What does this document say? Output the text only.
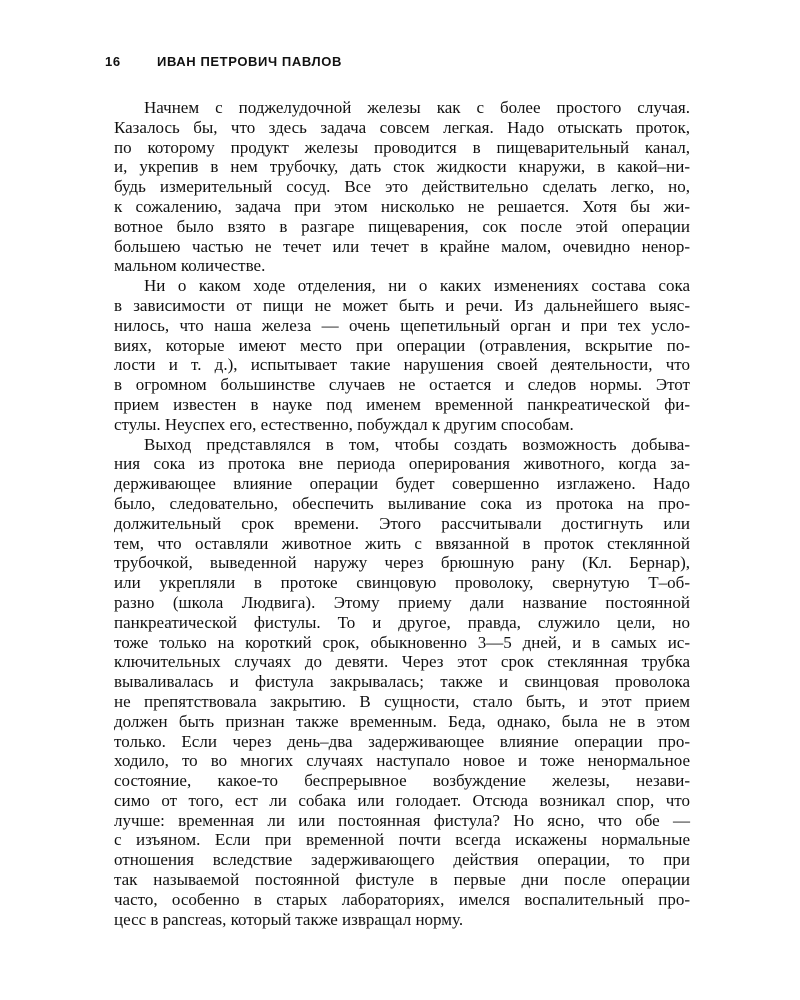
16	ИВАН ПЕТРОВИЧ ПАВЛОВ
Начнем с поджелудочной железы как с более простого случая.
Казалось бы, что здесь задача совсем легкая. Надо отыскать проток,
по которому продукт железы проводится в пищеварительный канал,
и, укрепив в нем трубочку, дать сток жидкости кнаружи, в какой–ни-
будь измерительный сосуд. Все это действительно сделать легко, но,
к сожалению, задача при этом нисколько не решается. Хотя бы жи-
вотное было взято в разгаре пищеварения, сок после этой операции
большею частью не течет или течет в крайне малом, очевидно ненор-
мальном количестве.
Ни о каком ходе отделения, ни о каких изменениях состава сока
в зависимости от пищи не может быть и речи. Из дальнейшего выяс-
нилось, что наша железа — очень щепетильный орган и при тех усло-
виях, которые имеют место при операции (отравления, вскрытие по-
лости и т. д.), испытывает такие нарушения своей деятельности, что
в огромном большинстве случаев не остается и следов нормы. Этот
прием известен в науке под именем временной панкреатической фи-
стулы. Неуспех его, естественно, побуждал к другим способам.
Выход представлялся в том, чтобы создать возможность добыва-
ния сока из протока вне периода оперирования животного, когда за-
держивающее влияние операции будет совершенно изглажено. Надо
было, следовательно, обеспечить выливание сока из протока на про-
должительный срок времени. Этого рассчитывали достигнуть или
тем, что оставляли животное жить с ввязанной в проток стеклянной
трубочкой, выведенной наружу через брюшную рану (Кл. Бернар),
или укрепляли в протоке свинцовую проволоку, свернутую Т–об-
разно (школа Людвига). Этому приему дали название постоянной
панкреатической фистулы. То и другое, правда, служило цели, но
тоже только на короткий срок, обыкновенно 3—5 дней, и в самых ис-
ключительных случаях до девяти. Через этот срок стеклянная трубка
вываливалась и фистула закрывалась; также и свинцовая проволока
не препятствовала закрытию. В сущности, стало быть, и этот прием
должен быть признан также временным. Беда, однако, была не в этом
только. Если через день–два задерживающее влияние операции про-
ходило, то во многих случаях наступало новое и тоже ненормальное
состояние, какое-то беспрерывное возбуждение железы, незави-
симо от того, ест ли собака или голодает. Отсюда возникал спор, что
лучше: временная ли или постоянная фистула? Но ясно, что обе —
с изъяном. Если при временной почти всегда искажены нормальные
отношения вследствие задерживающего действия операции, то при
так называемой постоянной фистуле в первые дни после операции
часто, особенно в старых лабораториях, имелся воспалительный про-
цесс в pancreas, который также извращал норму.
